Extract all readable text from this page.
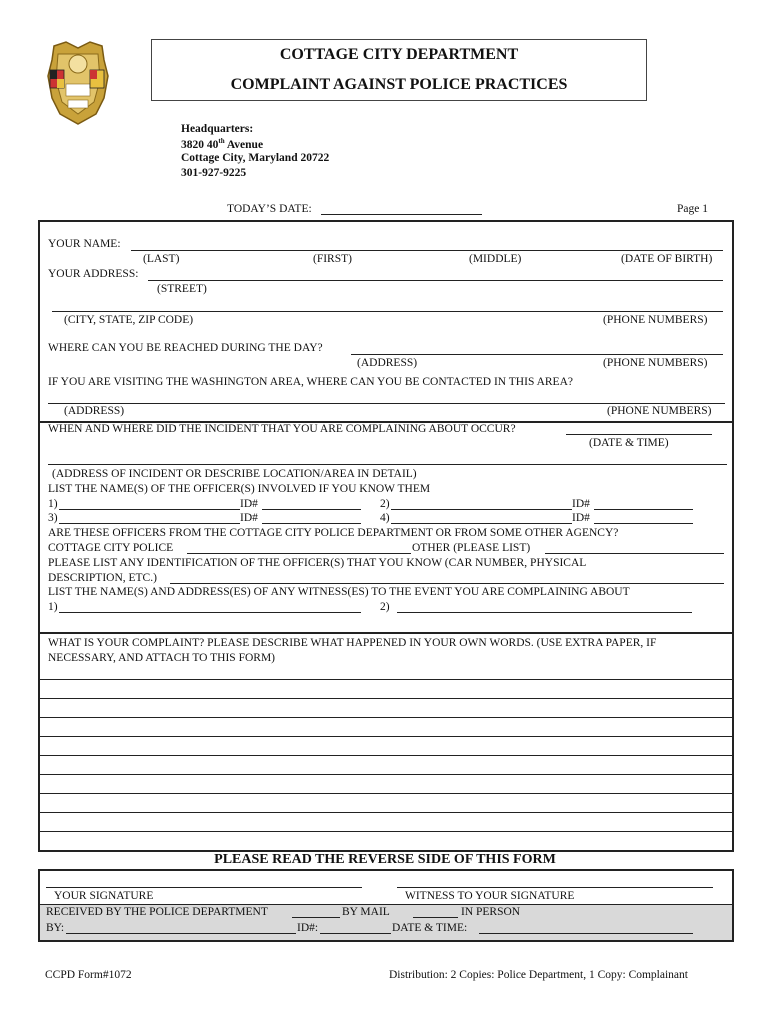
COTTAGE CITY DEPARTMENT
COMPLAINT AGAINST POLICE PRACTICES
Headquarters:
3820 40th Avenue
Cottage City, Maryland 20722
301-927-9225
TODAY’S DATE:	Page 1
YOUR NAME:
(LAST)	(FIRST)	(MIDDLE)	(DATE OF BIRTH)
YOUR ADDRESS:
(STREET)
(CITY, STATE, ZIP CODE)	(PHONE NUMBERS)
WHERE CAN YOU BE REACHED DURING THE DAY?
(ADDRESS)	(PHONE NUMBERS)
IF YOU ARE VISITING THE WASHINGTON AREA, WHERE CAN YOU BE CONTACTED IN THIS AREA?
(ADDRESS)	(PHONE NUMBERS)
WHEN AND WHERE DID THE INCIDENT THAT YOU ARE COMPLAINING ABOUT OCCUR?
(DATE & TIME)
(ADDRESS OF INCIDENT OR DESCRIBE LOCATION/AREA IN DETAIL)
LIST THE NAME(S) OF THE OFFICER(S) INVOLVED IF YOU KNOW THEM
1)	ID#	2)	ID#
3)	ID#	4)	ID#
ARE THESE OFFICERS FROM THE COTTAGE CITY POLICE DEPARTMENT OR FROM SOME OTHER AGENCY?
COTTAGE CITY POLICE	OTHER (PLEASE LIST)
PLEASE LIST ANY IDENTIFICATION OF THE OFFICER(S) THAT YOU KNOW (CAR NUMBER, PHYSICAL
DESCRIPTION, ETC.)
LIST THE NAME(S) AND ADDRESS(ES) OF ANY WITNESS(ES) TO THE EVENT YOU ARE COMPLAINING ABOUT
1)	2)
WHAT IS YOUR COMPLAINT? PLEASE DESCRIBE WHAT HAPPENED IN YOUR OWN WORDS. (USE EXTRA PAPER, IF
NECESSARY, AND ATTACH TO THIS FORM)
PLEASE READ THE REVERSE SIDE OF THIS FORM
YOUR SIGNATURE	WITNESS TO YOUR SIGNATURE
RECEIVED BY THE POLICE DEPARTMENT	BY MAIL	IN PERSON
BY:	ID#:	DATE & TIME:
CCPD Form#1072	Distribution: 2 Copies: Police Department, 1 Copy: Complainant
